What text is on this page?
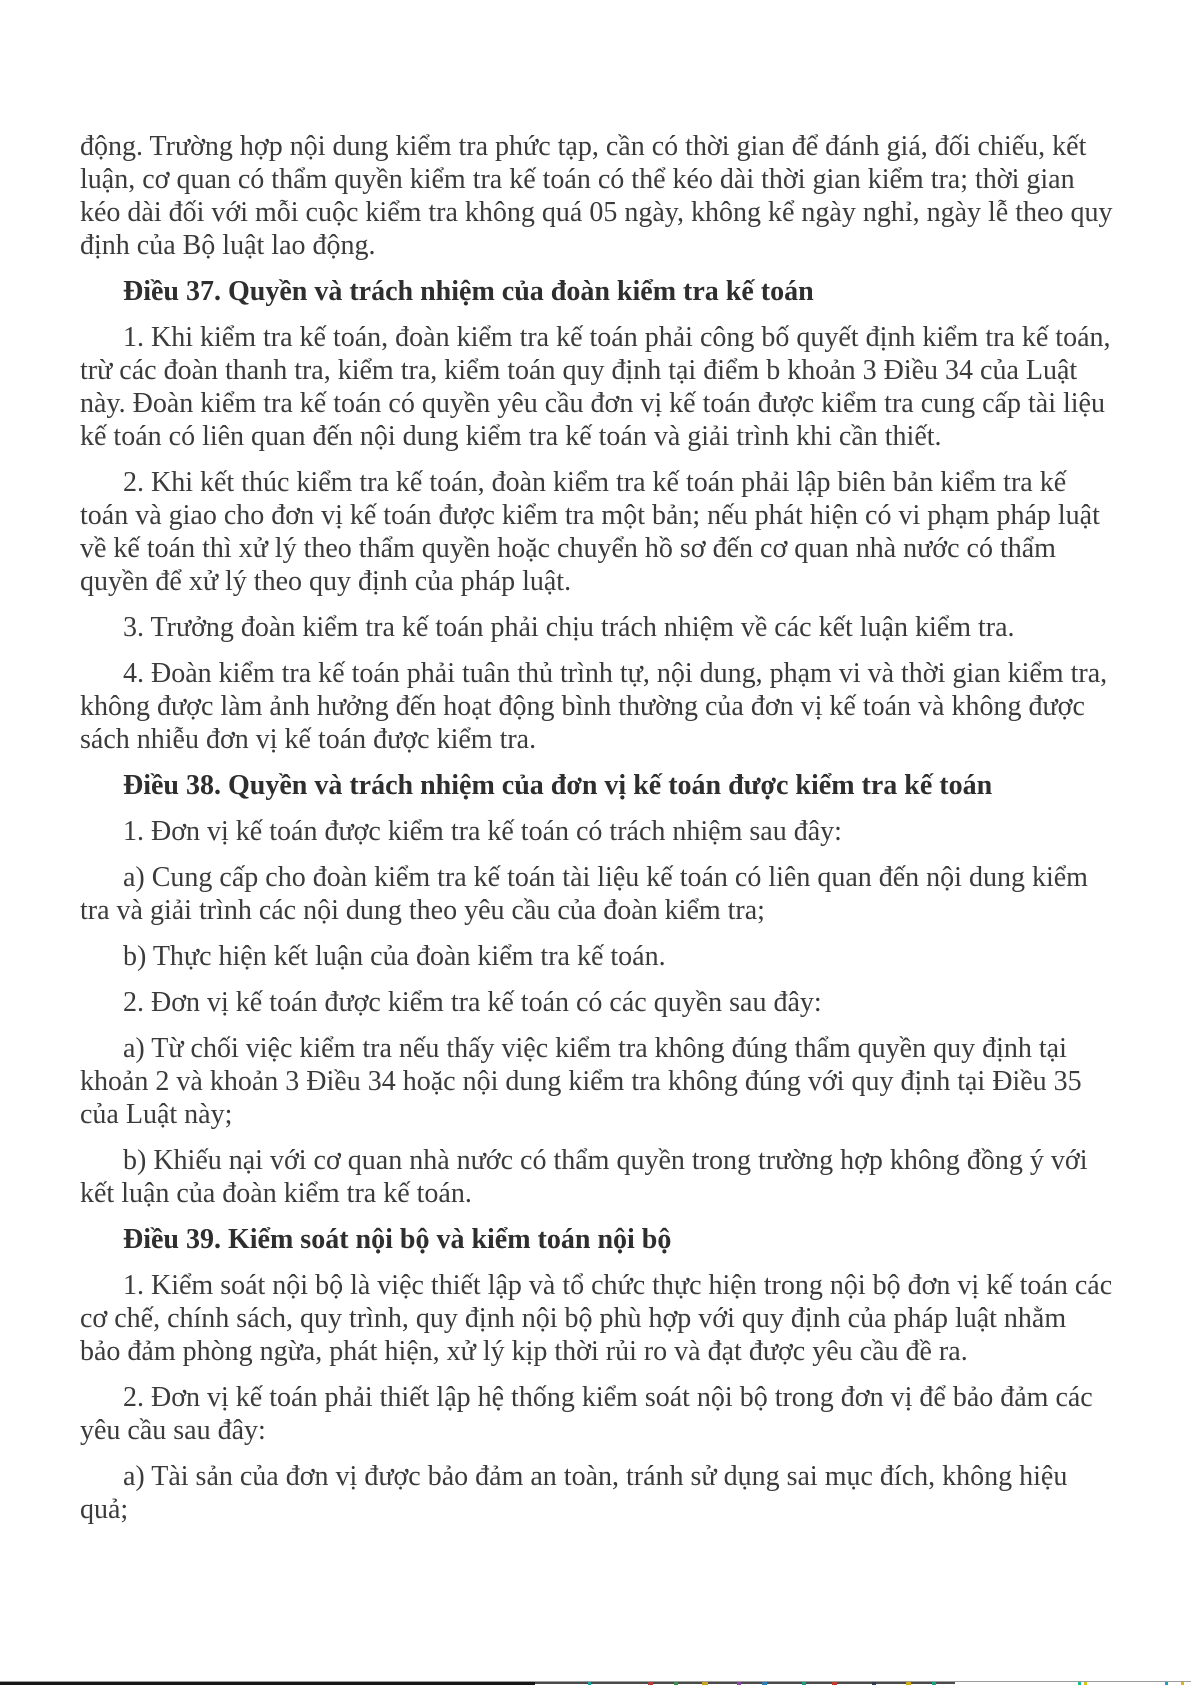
động. Trường hợp nội dung kiểm tra phức tạp, cần có thời gian để đánh giá, đối chiếu, kết luận, cơ quan có thẩm quyền kiểm tra kế toán có thể kéo dài thời gian kiểm tra; thời gian kéo dài đối với mỗi cuộc kiểm tra không quá 05 ngày, không kể ngày nghỉ, ngày lễ theo quy định của Bộ luật lao động.

Điều 37. Quyền và trách nhiệm của đoàn kiểm tra kế toán

1. Khi kiểm tra kế toán, đoàn kiểm tra kế toán phải công bố quyết định kiểm tra kế toán, trừ các đoàn thanh tra, kiểm tra, kiểm toán quy định tại điểm b khoản 3 Điều 34 của Luật này. Đoàn kiểm tra kế toán có quyền yêu cầu đơn vị kế toán được kiểm tra cung cấp tài liệu kế toán có liên quan đến nội dung kiểm tra kế toán và giải trình khi cần thiết.

2. Khi kết thúc kiểm tra kế toán, đoàn kiểm tra kế toán phải lập biên bản kiểm tra kế toán và giao cho đơn vị kế toán được kiểm tra một bản; nếu phát hiện có vi phạm pháp luật về kế toán thì xử lý theo thẩm quyền hoặc chuyển hồ sơ đến cơ quan nhà nước có thẩm quyền để xử lý theo quy định của pháp luật.

3. Trưởng đoàn kiểm tra kế toán phải chịu trách nhiệm về các kết luận kiểm tra.

4. Đoàn kiểm tra kế toán phải tuân thủ trình tự, nội dung, phạm vi và thời gian kiểm tra, không được làm ảnh hưởng đến hoạt động bình thường của đơn vị kế toán và không được sách nhiễu đơn vị kế toán được kiểm tra.

Điều 38. Quyền và trách nhiệm của đơn vị kế toán được kiểm tra kế toán

1. Đơn vị kế toán được kiểm tra kế toán có trách nhiệm sau đây:

a) Cung cấp cho đoàn kiểm tra kế toán tài liệu kế toán có liên quan đến nội dung kiểm tra và giải trình các nội dung theo yêu cầu của đoàn kiểm tra;

b) Thực hiện kết luận của đoàn kiểm tra kế toán.

2. Đơn vị kế toán được kiểm tra kế toán có các quyền sau đây:

a) Từ chối việc kiểm tra nếu thấy việc kiểm tra không đúng thẩm quyền quy định tại khoản 2 và khoản 3 Điều 34 hoặc nội dung kiểm tra không đúng với quy định tại Điều 35 của Luật này;

b) Khiếu nại với cơ quan nhà nước có thẩm quyền trong trường hợp không đồng ý với kết luận của đoàn kiểm tra kế toán.

Điều 39. Kiểm soát nội bộ và kiểm toán nội bộ

1. Kiểm soát nội bộ là việc thiết lập và tổ chức thực hiện trong nội bộ đơn vị kế toán các cơ chế, chính sách, quy trình, quy định nội bộ phù hợp với quy định của pháp luật nhằm bảo đảm phòng ngừa, phát hiện, xử lý kịp thời rủi ro và đạt được yêu cầu đề ra.

2. Đơn vị kế toán phải thiết lập hệ thống kiểm soát nội bộ trong đơn vị để bảo đảm các yêu cầu sau đây:

a) Tài sản của đơn vị được bảo đảm an toàn, tránh sử dụng sai mục đích, không hiệu quả;
